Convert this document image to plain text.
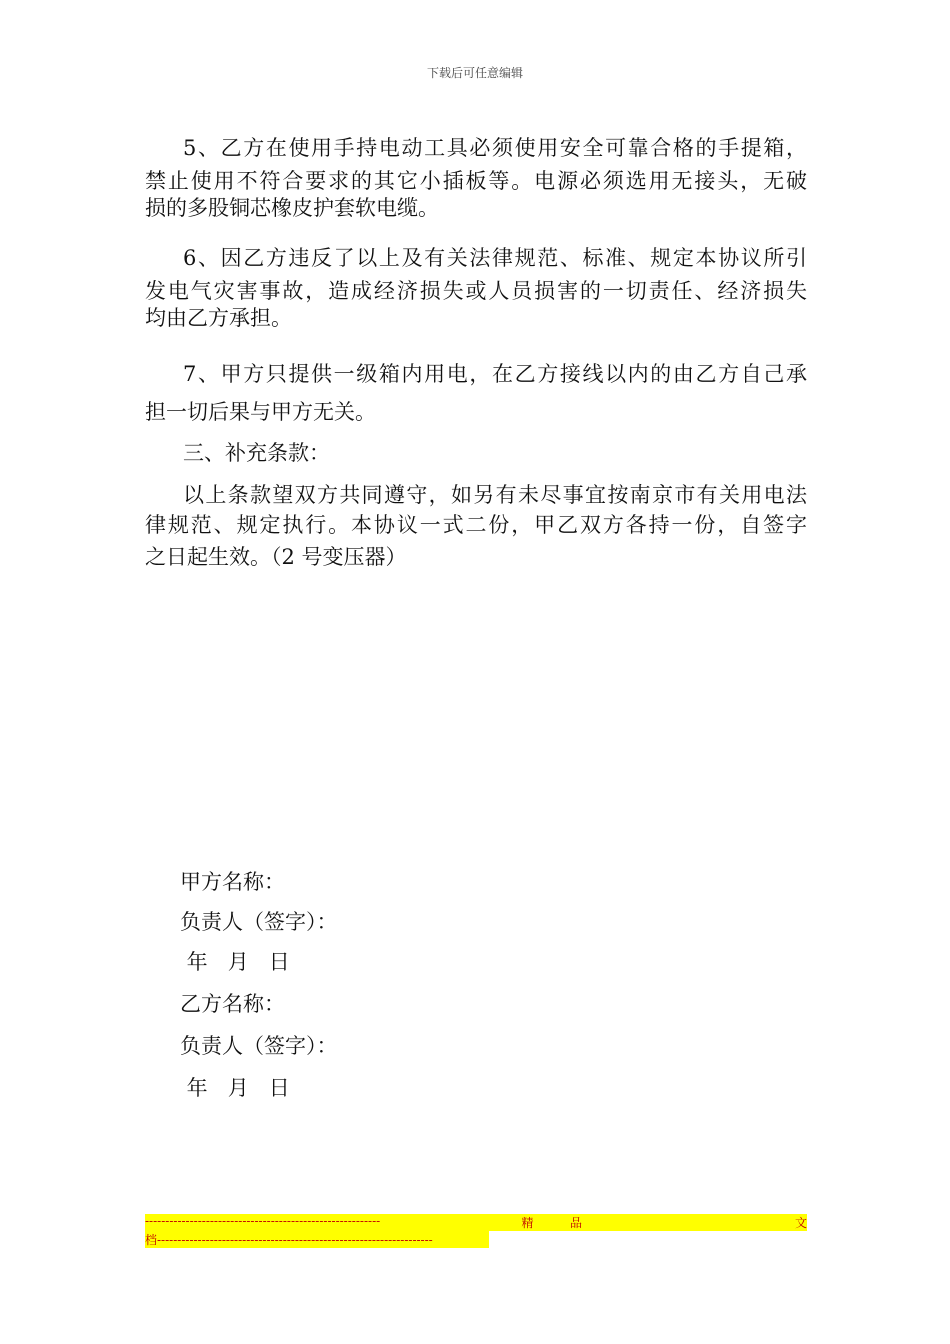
下载后可任意编辑
5、乙方在使用手持电动工具必须使用安全可靠合格的手提箱，
禁止使用不符合要求的其它小插板等。电源必须选用无接头，无破
损的多股铜芯橡皮护套软电缆。
6、因乙方违反了以上及有关法律规范、标准、规定本协议所引
发电气灾害事故，造成经济损失或人员损害的一切责任、经济损失
均由乙方承担。
7、甲方只提供一级箱内用电，在乙方接线以内的由乙方自己承
担一切后果与甲方无关。
三、补充条款：
以上条款望双方共同遵守，如另有未尽事宜按南京市有关用电法
律规范、规定执行。本协议一式二份，甲乙双方各持一份，自签字
之日起生效。（2 号变压器）
甲方名称：
负责人（签字）：
年   月   日
乙方名称：
负责人（签字）：
年   月   日
----------------------------------------------------------	精	品	文
档--------------------------------------------------------------------
